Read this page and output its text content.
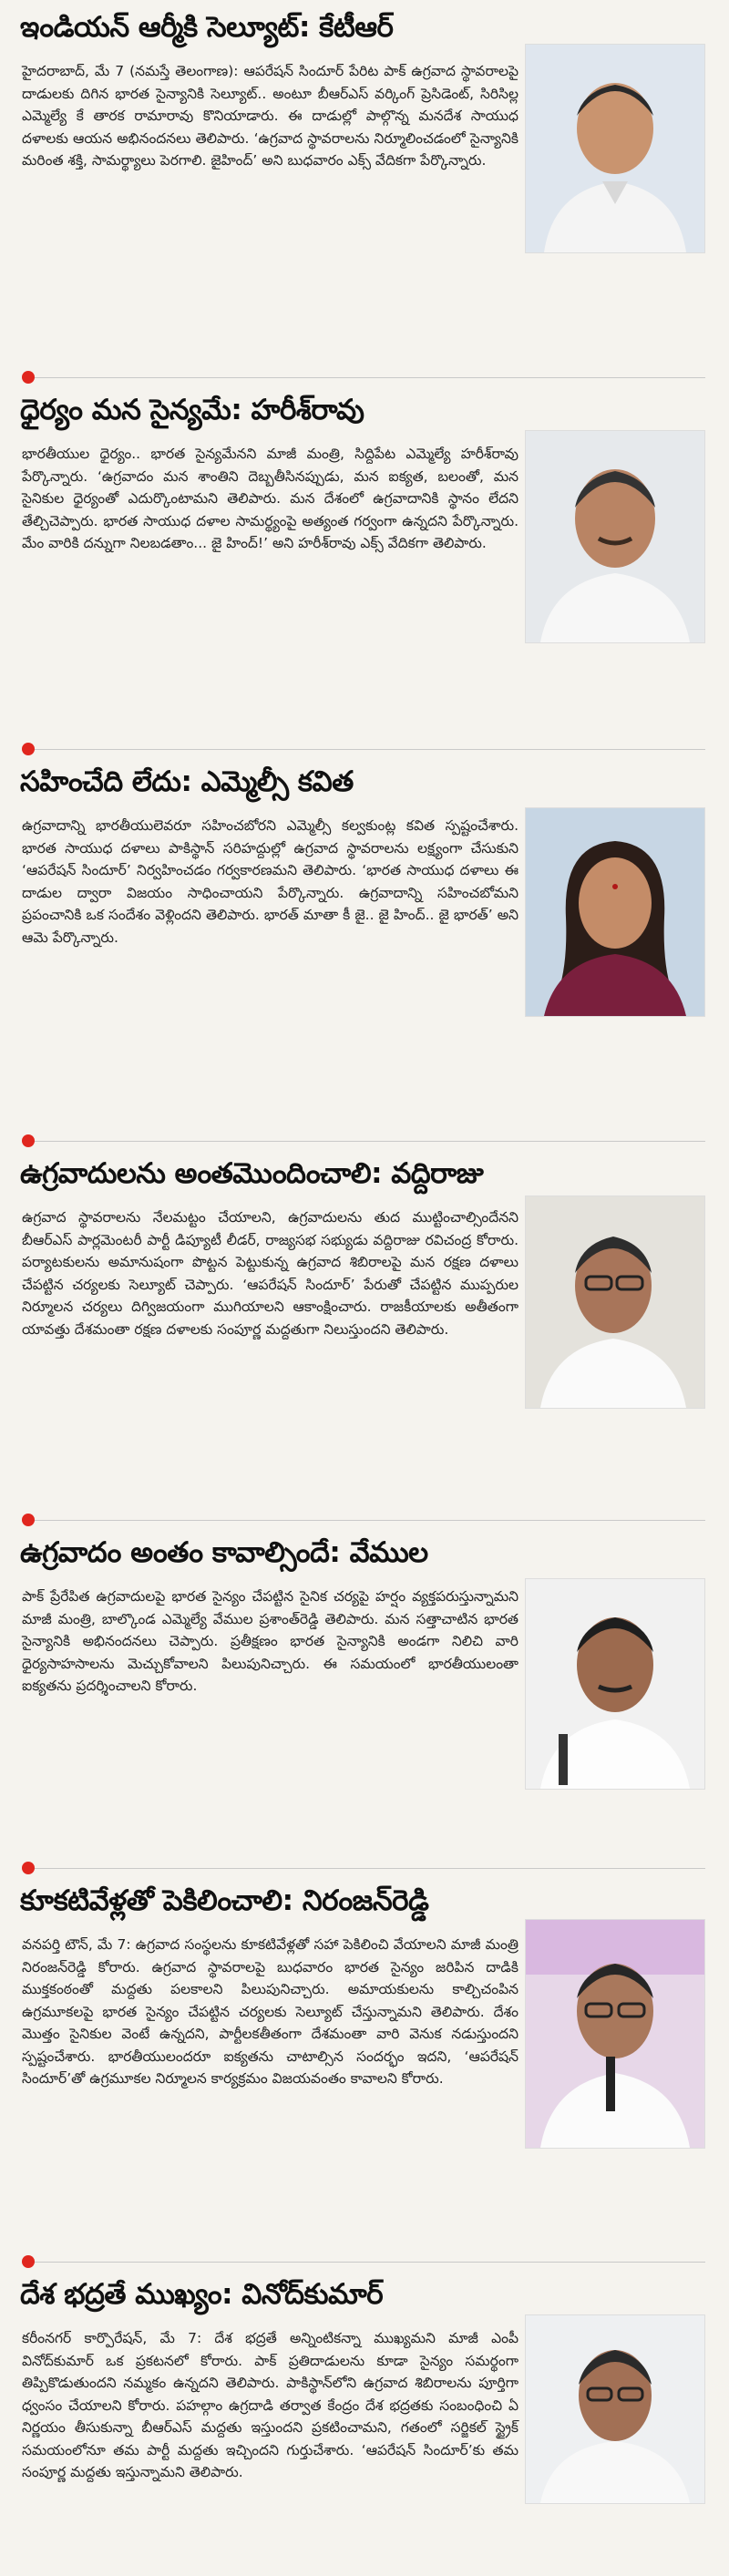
ఇండియన్ ఆర్మీకి సెల్యూట్: కేటీఆర్
హైదరాబాద్, మే 7 (నమస్తే తెలంగాణ): ఆపరేషన్ సిందూర్ పేరిట పాక్ ఉగ్రవాద స్థావరాలపై దాడులకు దిగిన భారత సైన్యానికి సెల్యూట్.. అంటూ బీఆర్ఎస్ వర్కింగ్ ప్రెసిడెంట్, సిరిసిల్ల ఎమ్మెల్యే కే తారక రామారావు కొనియాడారు. ఈ దాడుల్లో పాల్గొన్న మనదేశ సాయుధ దళాలకు ఆయన అభినందనలు తెలిపారు. ‘ఉగ్రవాద స్థావరాలను నిర్మూలించడంలో సైన్యానికి మరింత శక్తి, సామర్థ్యాలు పెరగాలి. జైహింద్’ అని బుధవారం ఎక్స్ వేదికగా పేర్కొన్నారు.
ధైర్యం మన సైన్యమే: హరీశ్‌రావు
భారతీయుల ధైర్యం.. భారత సైన్యమేనని మాజీ మంత్రి, సిద్దిపేట ఎమ్మెల్యే హరీశ్‌రావు పేర్కొన్నారు. ‘ఉగ్రవాదం మన శాంతిని దెబ్బతీసినప్పుడు, మన ఐక్యత, బలంతో, మన సైనికుల ధైర్యంతో ఎదుర్కొంటామని తెలిపారు. మన దేశంలో ఉగ్రవాదానికి స్థానం లేదని తేల్చిచెప్పారు. భారత సాయుధ దళాల సామర్థ్యంపై అత్యంత గర్వంగా ఉన్నదని పేర్కొన్నారు. మేం వారికి దన్నుగా నిలబడతాం... జై హింద్!’ అని హరీశ్‌రావు ఎక్స్ వేదికగా తెలిపారు.
సహించేది లేదు: ఎమ్మెల్సీ కవిత
ఉగ్రవాదాన్ని భారతీయులెవరూ సహించబోరని ఎమ్మెల్సీ కల్వకుంట్ల కవిత స్పష్టంచేశారు. భారత సాయుధ దళాలు పాకిస్థాన్ సరిహద్దుల్లో ఉగ్రవాద స్థావరాలను లక్ష్యంగా చేసుకుని ‘ఆపరేషన్ సిందూర్’ నిర్వహించడం గర్వకారణమని తెలిపారు. ‘భారత సాయుధ దళాలు ఈ దాడుల ద్వారా విజయం సాధించాయని పేర్కొన్నారు. ఉగ్రవాదాన్ని సహించబోమని ప్రపంచానికి ఒక సందేశం వెళ్లిందని తెలిపారు. భారత్ మాతా కీ జై.. జై హింద్.. జై భారత్’ అని ఆమె పేర్కొన్నారు.
ఉగ్రవాదులను అంతమొందించాలి: వద్దిరాజు
ఉగ్రవాద స్థావరాలను నేలమట్టం చేయాలని, ఉగ్రవాదులను తుద ముట్టించాల్సిందేనని బీఆర్ఎస్ పార్లమెంటరీ పార్టీ డిప్యూటీ లీడర్, రాజ్యసభ సభ్యుడు వద్దిరాజు రవిచంద్ర కోరారు. పర్యాటకులను అమానుషంగా పొట్టన పెట్టుకున్న ఉగ్రవాద శిబిరాలపై మన రక్షణ దళాలు చేపట్టిన చర్యలకు సెల్యూట్ చెప్పారు. ‘ఆపరేషన్ సిందూర్’ పేరుతో చేపట్టిన ముప్పరుల నిర్మూలన చర్యలు దిగ్విజయంగా ముగియాలని ఆకాంక్షించారు. రాజకీయాలకు అతీతంగా యావత్తు దేశమంతా రక్షణ దళాలకు సంపూర్ణ మద్దతుగా నిలుస్తుందని తెలిపారు.
ఉగ్రవాదం అంతం కావాల్సిందే: వేముల
పాక్ ప్రేరేపిత ఉగ్రవాదులపై భారత సైన్యం చేపట్టిన సైనిక చర్యపై హర్షం వ్యక్తపరుస్తున్నామని మాజీ మంత్రి, బాల్కొండ ఎమ్మెల్యే వేముల ప్రశాంత్‌రెడ్డి తెలిపారు. మన సత్తాచాటిన భారత సైన్యానికి అభినందనలు చెప్పారు. ప్రతీక్షణం భారత సైన్యానికి అండగా నిలిచి వారి ధైర్యసాహసాలను మెచ్చుకోవాలని పిలుపునిచ్చారు. ఈ సమయంలో భారతీయులంతా ఐక్యతను ప్రదర్శించాలని కోరారు.
కూకటివేళ్లతో పెకిలించాలి: నిరంజన్‌రెడ్డి
వనపర్తి టౌన్, మే 7: ఉగ్రవాద సంస్థలను కూకటివేళ్లతో సహా పెకిలించి వేయాలని మాజీ మంత్రి నిరంజన్‌రెడ్డి కోరారు. ఉగ్రవాద స్థావరాలపై బుధవారం భారత సైన్యం జరిపిన దాడికి ముక్తకంఠంతో మద్దతు పలకాలని పిలుపునిచ్చారు. అమాయకులను కాల్చిచంపిన ఉగ్రమూకలపై భారత సైన్యం చేపట్టిన చర్యలకు సెల్యూట్ చేస్తున్నామని తెలిపారు. దేశం మొత్తం సైనికుల వెంటే ఉన్నదని, పార్టీలకతీతంగా దేశమంతా వారి వెనుక నడుస్తుందని స్పష్టంచేశారు. భారతీయులందరూ ఐక్యతను చాటాల్సిన సందర్భం ఇదని, ‘ఆపరేషన్ సిందూర్’తో ఉగ్రమూకల నిర్మూలన కార్యక్రమం విజయవంతం కావాలని కోరారు.
దేశ భద్రతే ముఖ్యం: వినోద్‌కుమార్
కరీంనగర్ కార్పొరేషన్, మే 7: దేశ భద్రతే అన్నింటికన్నా ముఖ్యమని మాజీ ఎంపీ వినోద్‌కుమార్ ఒక ప్రకటనలో కోరారు. పాక్ ప్రతిదాడులను కూడా సైన్యం సమర్థంగా తిప్పికొడుతుందని నమ్మకం ఉన్నదని తెలిపారు. పాకిస్థాన్‌లోని ఉగ్రవాద శిబిరాలను పూర్తిగా ధ్వంసం చేయాలని కోరారు. పహల్గాం ఉగ్రదాడి తర్వాత కేంద్రం దేశ భద్రతకు సంబంధించి ఏ నిర్ణయం తీసుకున్నా బీఆర్ఎస్ మద్దతు ఇస్తుందని ప్రకటించామని, గతంలో సర్జికల్ స్ట్రైక్ సమయంలోనూ తమ పార్టీ మద్దతు ఇచ్చిందని గుర్తుచేశారు. ‘ఆపరేషన్ సిందూర్’కు తమ సంపూర్ణ మద్దతు ఇస్తున్నామని తెలిపారు.
